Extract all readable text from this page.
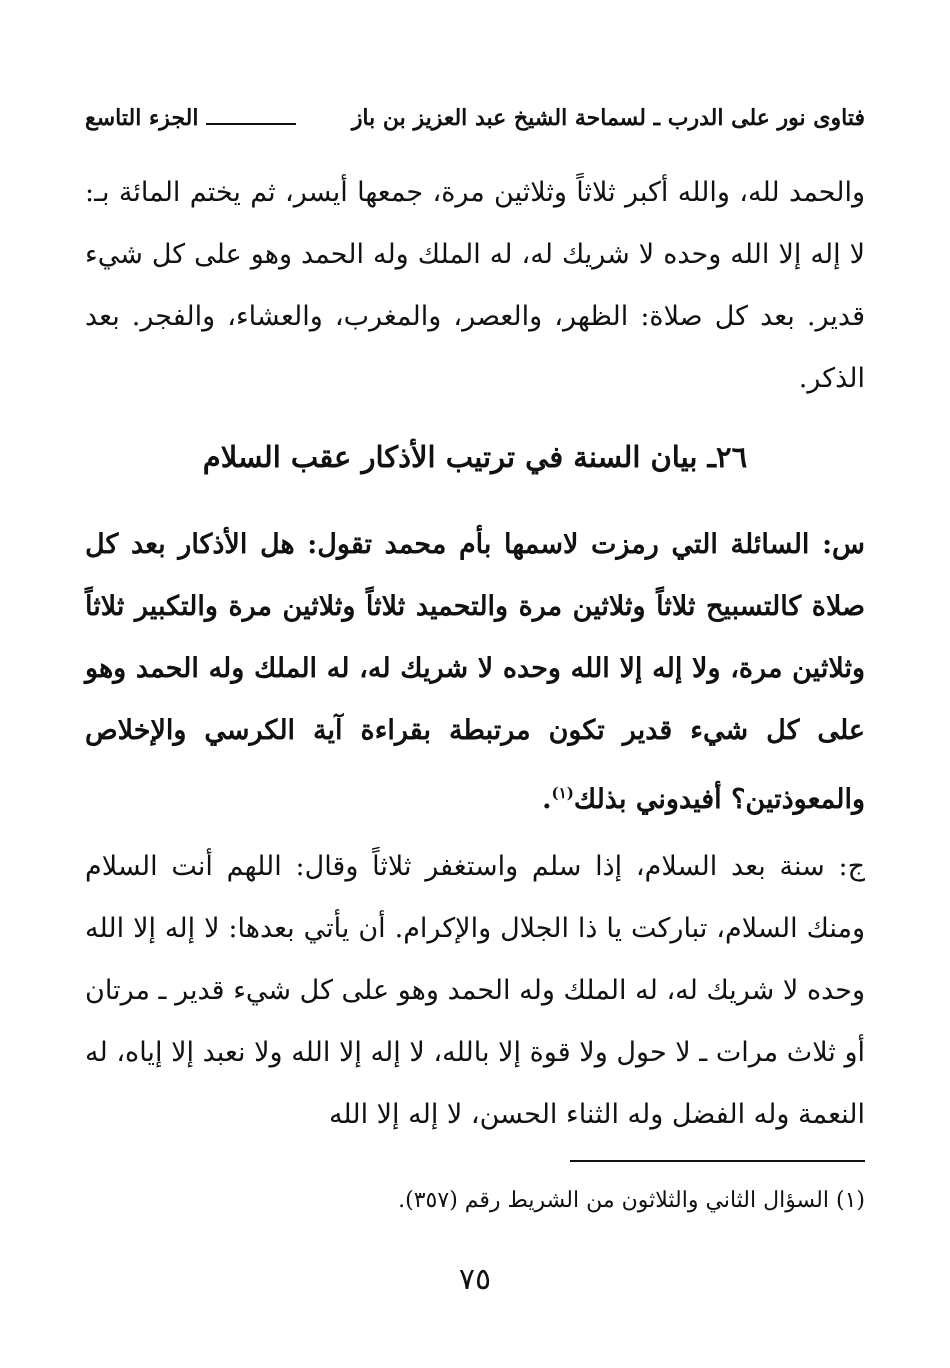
فتاوى نور على الدرب ـ لسماحة الشيخ عبد العزيز بن باز
الجزء التاسع
والحمد لله، والله أكبر ثلاثاً وثلاثين مرة، جمعها أيسر، ثم يختم المائة بـ: لا إله إلا الله وحده لا شريك له، له الملك وله الحمد وهو على كل شيء قدير. بعد كل صلاة: الظهر، والعصر، والمغرب، والعشاء، والفجر. بعد الذكر.
٢٦ـ بيان السنة في ترتيب الأذكار عقب السلام
س: السائلة التي رمزت لاسمها بأم محمد تقول: هل الأذكار بعد كل صلاة كالتسبيح ثلاثاً وثلاثين مرة والتحميد ثلاثاً وثلاثين مرة والتكبير ثلاثاً وثلاثين مرة، ولا إله إلا الله وحده لا شريك له، له الملك وله الحمد وهو على كل شيء قدير تكون مرتبطة بقراءة آية الكرسي والإخلاص والمعوذتين؟ أفيدوني بذلك$^{(١)}$.
ج: سنة بعد السلام، إذا سلم واستغفر ثلاثاً وقال: اللهم أنت السلام ومنك السلام، تباركت يا ذا الجلال والإكرام. أن يأتي بعدها: لا إله إلا الله وحده لا شريك له، له الملك وله الحمد وهو على كل شيء قدير ـ مرتان أو ثلاث مرات ـ لا حول ولا قوة إلا بالله، لا إله إلا الله ولا نعبد إلا إياه، له النعمة وله الفضل وله الثناء الحسن، لا إله إلا الله
(١) السؤال الثاني والثلاثون من الشريط رقم (٣٥٧).
٧٥
